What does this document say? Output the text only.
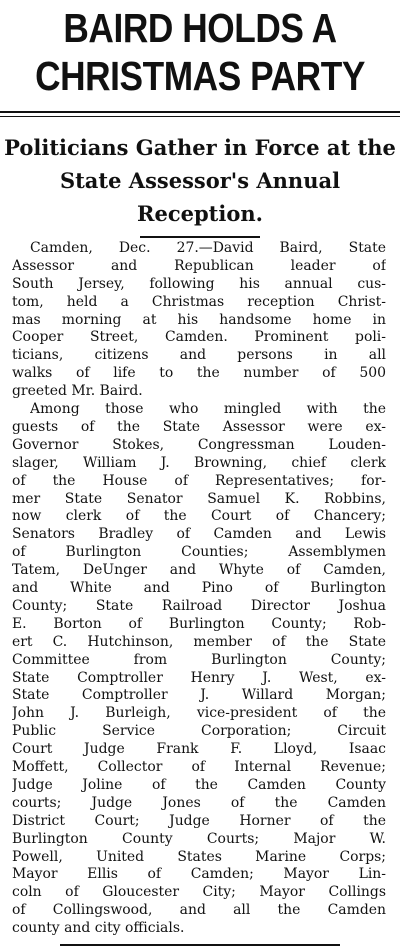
BAIRD HOLDS A
CHRISTMAS PARTY
Politicians Gather in Force at the
State Assessor's Annual
Reception.
Camden, Dec. 27.—David Baird, State
Assessor and Republican leader of
South Jersey, following his annual cus-
tom, held a Christmas reception Christ-
mas morning at his handsome home in
Cooper Street, Camden. Prominent poli-
ticians, citizens and persons in all
walks of life to the number of 500
greeted Mr. Baird.
Among those who mingled with the
guests of the State Assessor were ex-
Governor Stokes, Congressman Louden-
slager, William J. Browning, chief clerk
of the House of Representatives; for-
mer State Senator Samuel K. Robbins,
now clerk of the Court of Chancery;
Senators Bradley of Camden and Lewis
of Burlington Counties; Assemblymen
Tatem, DeUnger and Whyte of Camden,
and White and Pino of Burlington
County; State Railroad Director Joshua
E. Borton of Burlington County; Rob-
ert C. Hutchinson, member of the State
Committee from Burlington County;
State Comptroller Henry J. West, ex-
State Comptroller J. Willard Morgan;
John J. Burleigh, vice-president of the
Public Service Corporation; Circuit
Court Judge Frank F. Lloyd, Isaac
Moffett, Collector of Internal Revenue;
Judge Joline of the Camden County
courts; Judge Jones of the Camden
District Court; Judge Horner of the
Burlington County Courts; Major W.
Powell, United States Marine Corps;
Mayor Ellis of Camden; Mayor Lin-
coln of Gloucester City; Mayor Collings
of Collingswood, and all the Camden
county and city officials.
